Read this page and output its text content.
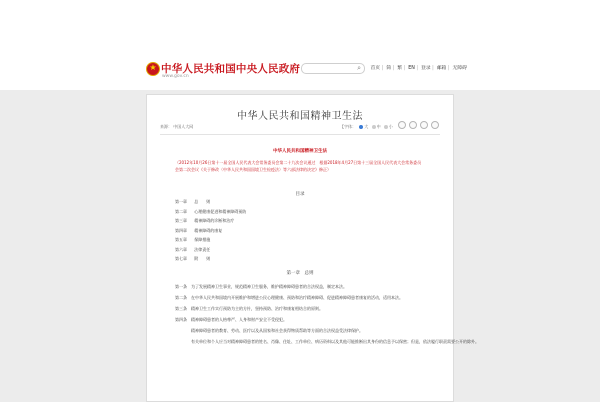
★ 中华人民共和国中央人民政府
www.gov.cn
⌕	首页 | 简 | 繁 | EN | 登录 | 邮箱 | 无障碍
中华人民共和国精神卫生法
来源： 中国人大网	【字体： 大 中 小
中华人民共和国精神卫生法
（2012年10月26日第十一届全国人民代表大会常务委员会第二十九次会议通过　根据2018年4月27日第十三届全国人民代表大会常务委员会第二次会议《关于修改〈中华人民共和国国境卫生检疫法〉等六部法律的决定》修正）
目录
第一章 总　　则
第二章 心理健康促进和精神障碍预防
第三章 精神障碍的诊断和治疗
第四章 精神障碍的康复
第五章 保障措施
第六章 法律责任
第七章 附　　则
第一章　总则
第一条 为了发展精神卫生事业，规范精神卫生服务，维护精神障碍患者的合法权益，制定本法。
第二条 在中华人民共和国境内开展维护和增进公民心理健康、预防和治疗精神障碍、促进精神障碍患者康复的活动，适用本法。
第三条 精神卫生工作实行预防为主的方针，坚持预防、治疗和康复相结合的原则。
第四条 精神障碍患者的人格尊严、人身和财产安全不受侵犯。
精神障碍患者的教育、劳动、医疗以及从国家和社会获得物质帮助等方面的合法权益受法律保护。
有关单位和个人应当对精神障碍患者的姓名、肖像、住址、工作单位、病历资料以及其他可能推断出其身份的信息予以保密；但是，依法履行职责需要公开的除外。
